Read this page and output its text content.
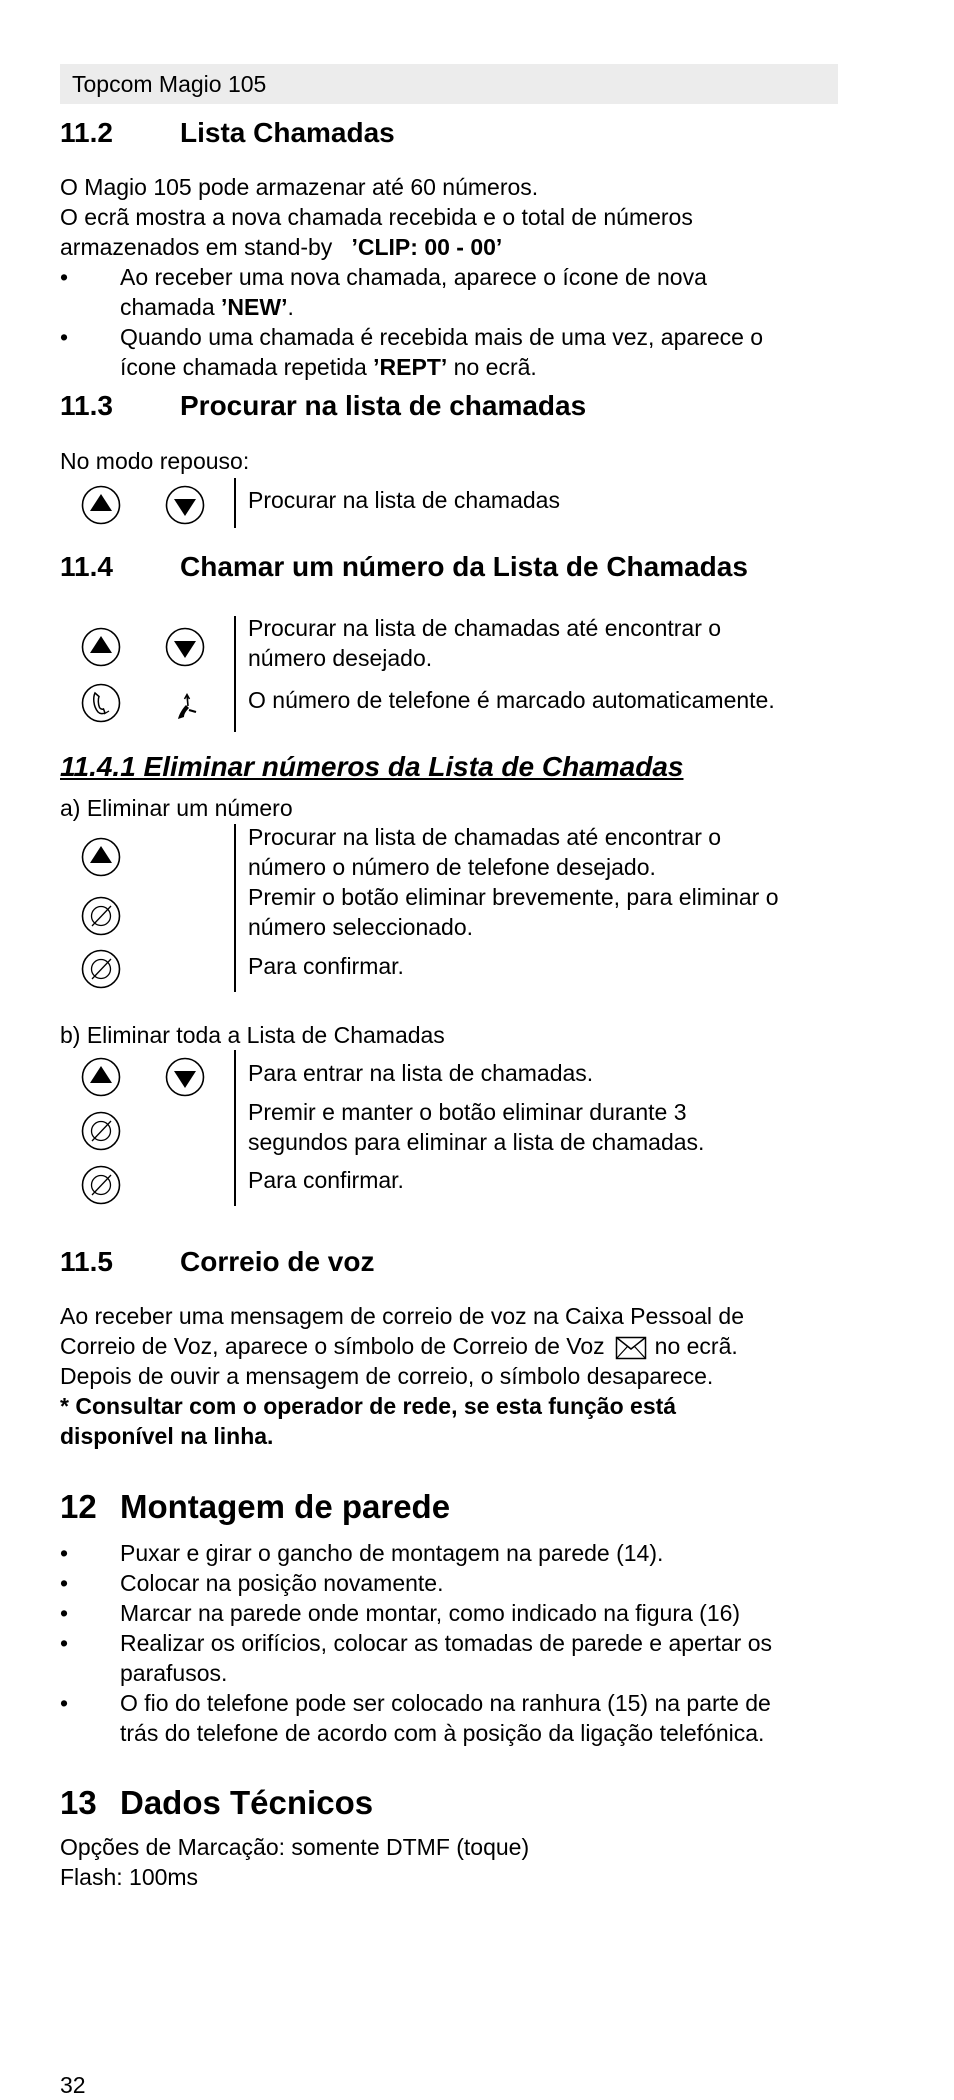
Topcom Magio 105
11.2 Lista Chamadas
O Magio 105 pode armazenar até 60 números.
O ecrã mostra a nova chamada recebida e o total de números
armazenados em stand-by ’CLIP: 00 - 00’
• Ao receber uma nova chamada, aparece o ícone de nova
chamada ’NEW’.
• Quando uma chamada é recebida mais de uma vez, aparece o
ícone chamada repetida ’REPT’ no ecrã.
11.3 Procurar na lista de chamadas
No modo repouso:
Procurar na lista de chamadas
11.4 Chamar um número da Lista de Chamadas
Procurar na lista de chamadas até encontrar o
número desejado.
O número de telefone é marcado automaticamente.
11.4.1 Eliminar números da Lista de Chamadas
a) Eliminar um número
Procurar na lista de chamadas até encontrar o
número o número de telefone desejado.
Premir o botão eliminar brevemente, para eliminar o
número seleccionado.
Para confirmar.
b) Eliminar toda a Lista de Chamadas
Para entrar na lista de chamadas.
Premir e manter o botão eliminar durante 3
segundos para eliminar a lista de chamadas.
Para confirmar.
11.5 Correio de voz
Ao receber uma mensagem de correio de voz na Caixa Pessoal de
Correio de Voz, aparece o símbolo de Correio de Voz no ecrã.
Depois de ouvir a mensagem de correio, o símbolo desaparece.
* Consultar com o operador de rede, se esta função está
disponível na linha.
12 Montagem de parede
• Puxar e girar o gancho de montagem na parede (14).
• Colocar na posição novamente.
• Marcar na parede onde montar, como indicado na figura (16)
• Realizar os orifícios, colocar as tomadas de parede e apertar os
parafusos.
• O fio do telefone pode ser colocado na ranhura (15) na parte de
trás do telefone de acordo com à posição da ligação telefónica.
13 Dados Técnicos
Opções de Marcação: somente DTMF (toque)
Flash: 100ms
32
